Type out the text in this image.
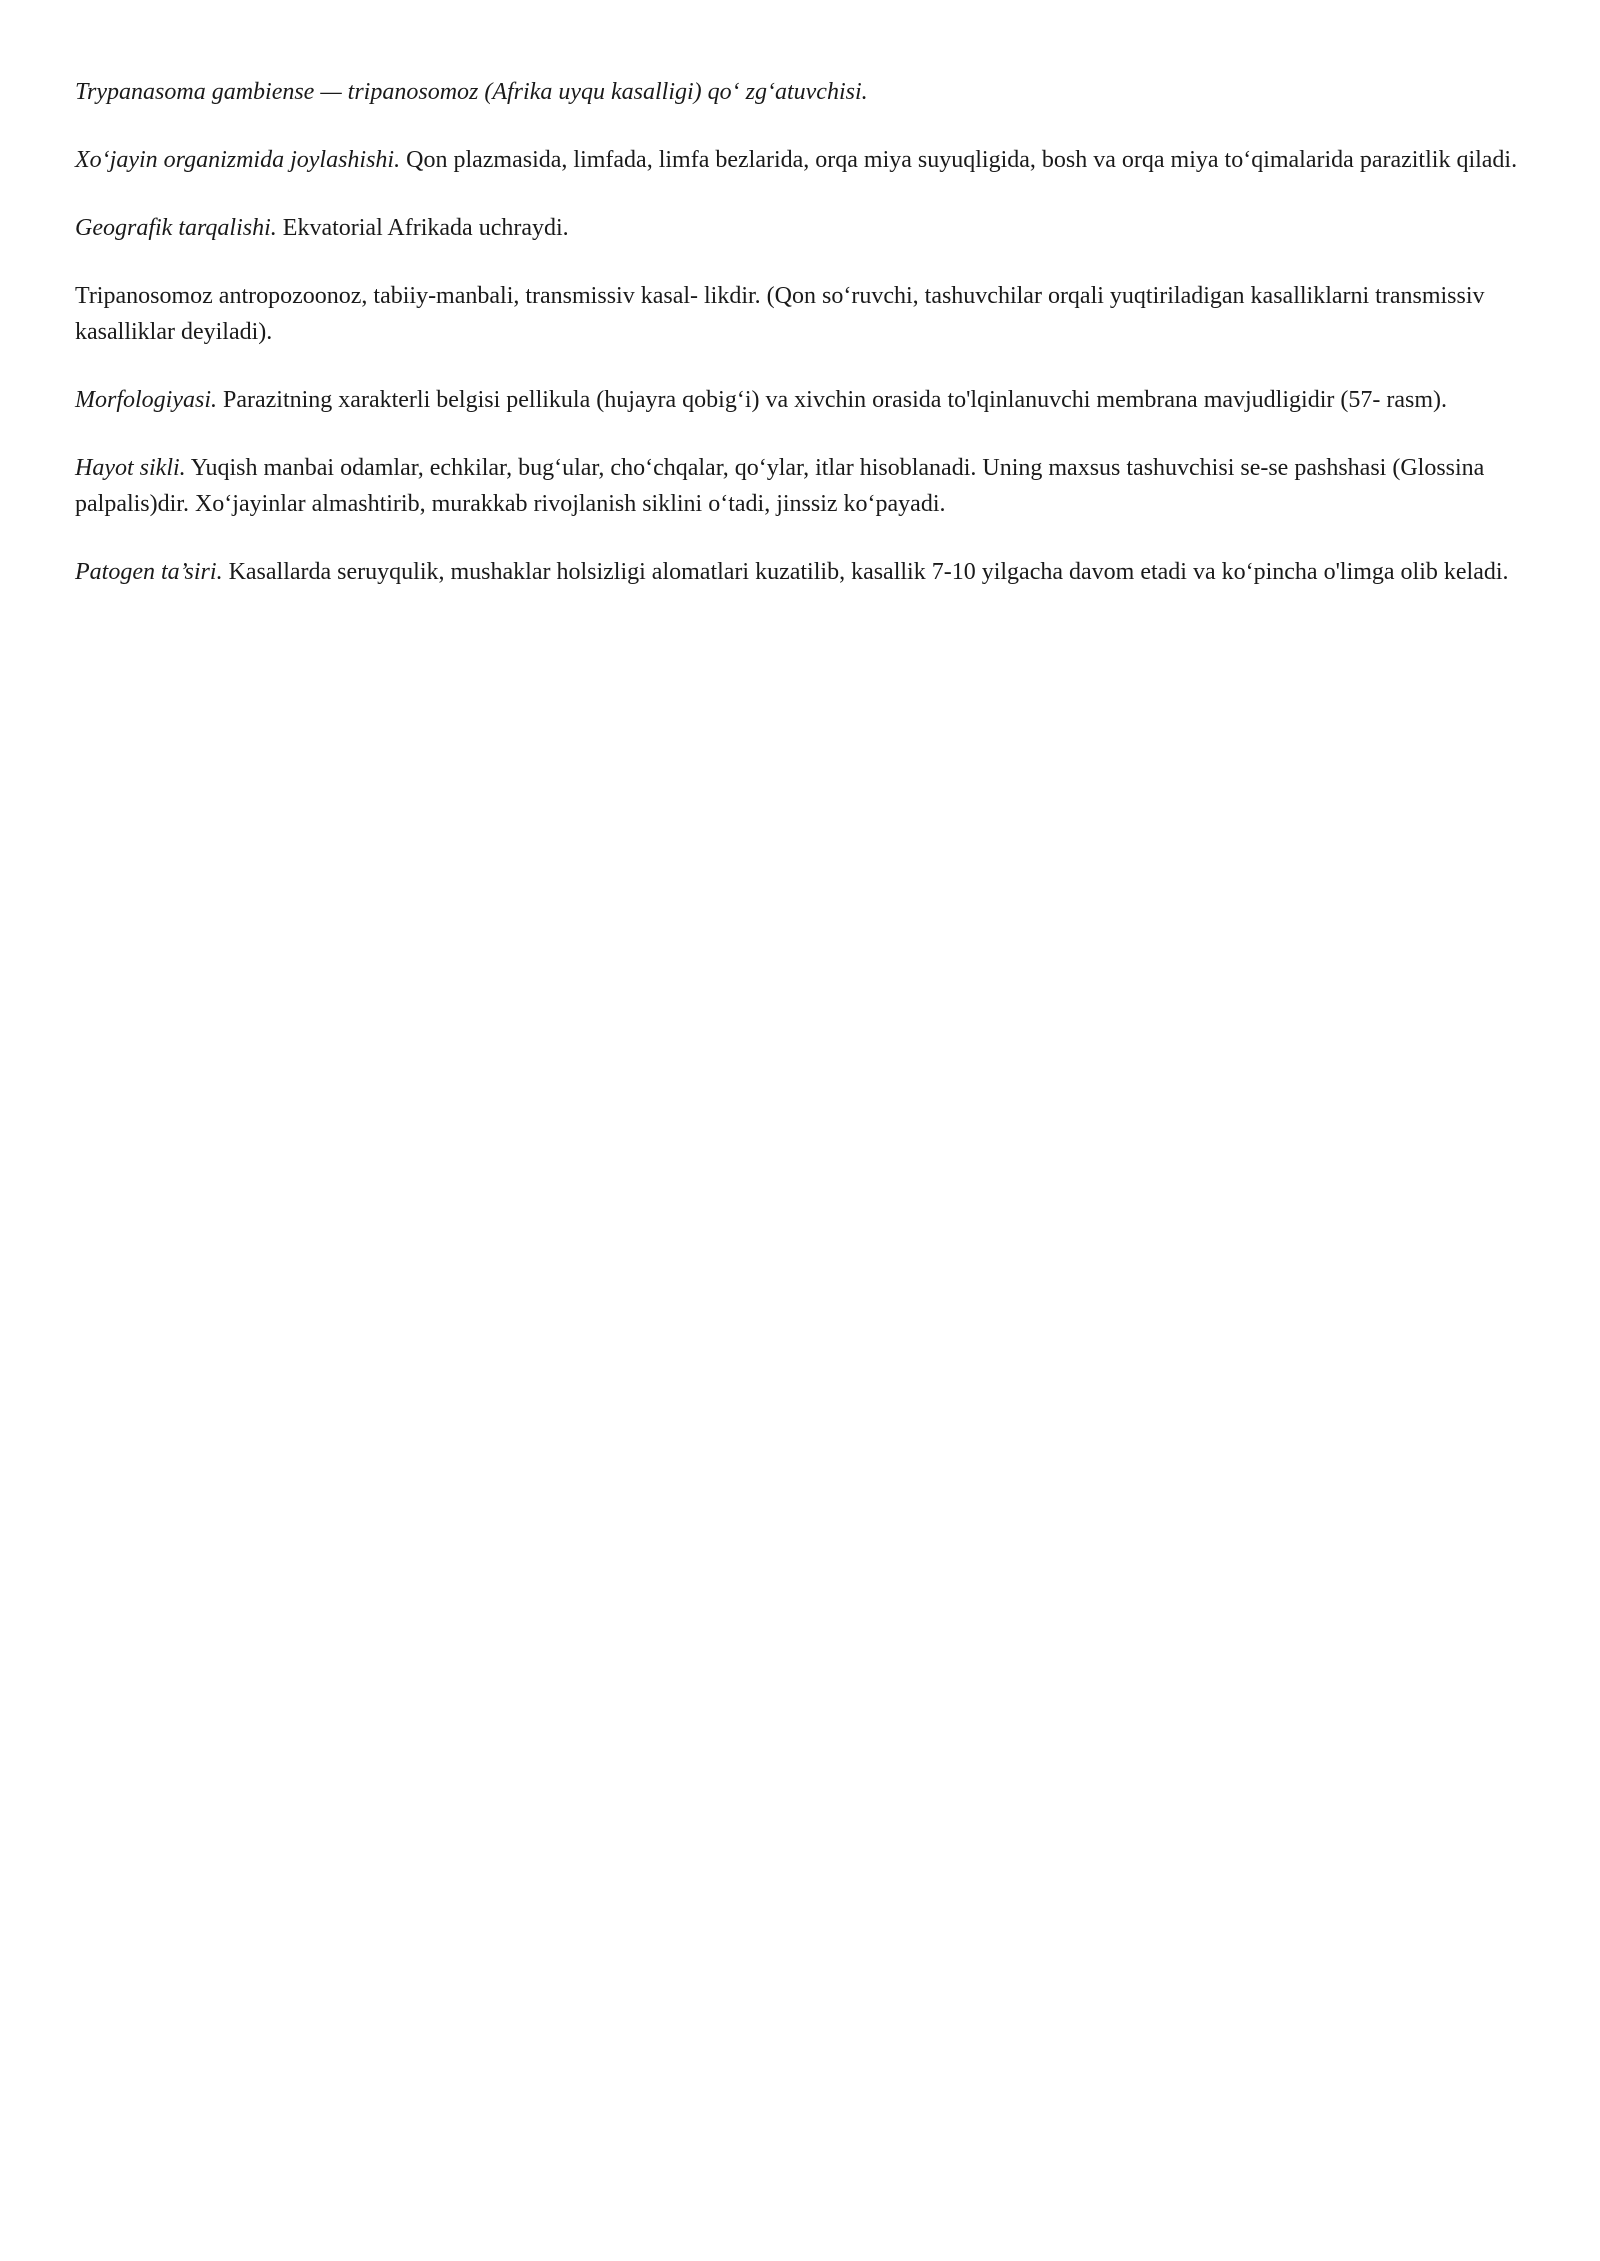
Trypanasoma gambiense — tripanosomoz (Afrika uyqu kasalligi) qo‘ zg‘atuvchisi.

Xo‘jayin organizmida joylashishi. Qon plazmasida, limfada, limfa bezlarida, orqa miya suyuqligida, bosh va orqa miya to‘qimalarida parazitlik qiladi.

Geografik tarqalishi. Ekvatorial Afrikada uchraydi.

Tripanosomoz antropozoonoz, tabiiy-manbali, transmissiv kasal- likdir. (Qon so‘ruvchi, tashuvchilar orqali yuqtiriladigan kasalliklarni transmissiv kasalliklar deyiladi).

Morfologiyasi. Parazitning xarakterli belgisi pellikula (hujayra qobig‘i) va xivchin orasida to'lqinlanuvchi membrana mavjudligidir (57- rasm).

Hayot sikli. Yuqish manbai odamlar, echkilar, bug‘ular, cho‘chqalar, qo‘ylar, itlar hisoblanadi. Uning maxsus tashuvchisi se-se pashshasi (Glossina palpalis)dir. Xo‘jayinlar almashtirib, murakkab rivojlanish siklini o‘tadi, jinssiz ko‘payadi.

Patogen ta’siri. Kasallarda seruyqulik, mushaklar holsizligi alomatlari kuzatilib, kasallik 7-10 yilgacha davom etadi va ko‘pincha o'limga olib keladi.
